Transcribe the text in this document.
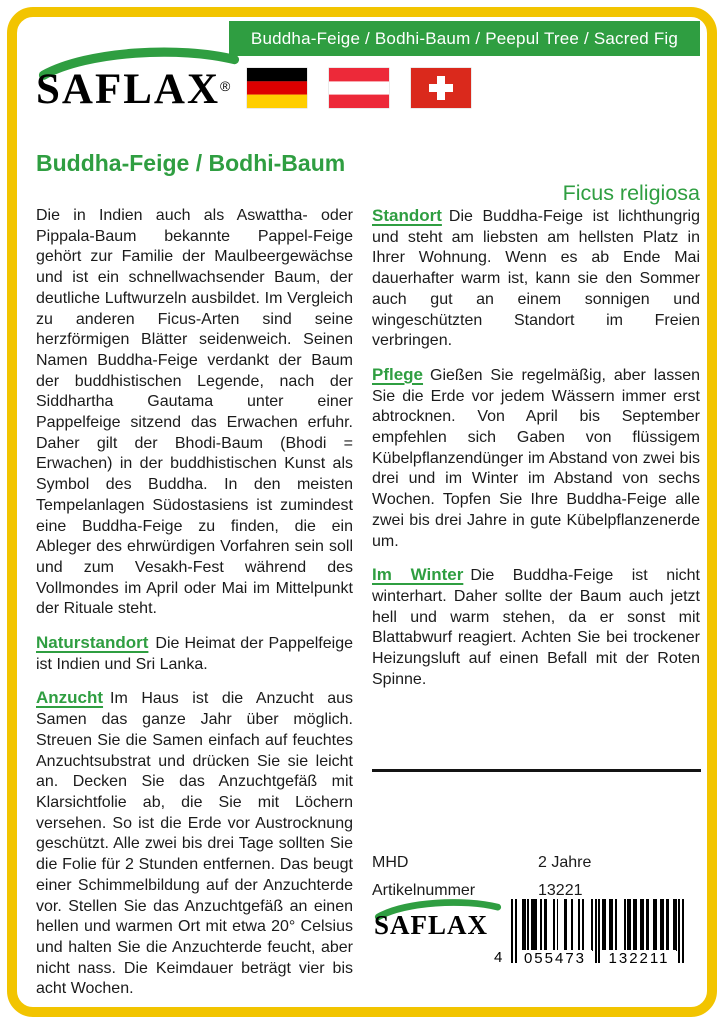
Buddha-Feige / Bodhi-Baum / Peepul Tree / Sacred Fig
SAFLAX®
Buddha-Feige / Bodhi-Baum
Ficus religiosa

Die in Indien auch als Aswattha- oder Pippala-Baum bekannte Pappel-Feige gehört zur Familie der Maulbeergewächse und ist ein schnellwachsender Baum, der deutliche Luftwurzeln ausbildet. Im Vergleich zu anderen Ficus-Arten sind seine herzförmigen Blätter seidenweich. Seinen Namen Buddha-Feige verdankt der Baum der buddhistischen Legende, nach der Siddhartha Gautama unter einer Pappelfeige sitzend das Erwachen erfuhr. Daher gilt der Bhodi-Baum (Bhodi = Erwachen) in der buddhistischen Kunst als Symbol des Buddha. In den meisten Tempelanlagen Südostasiens ist zumindest eine Buddha-Feige zu finden, die ein Ableger des ehrwürdigen Vorfahren sein soll und zum Vesakh-Fest während des Vollmondes im April oder Mai im Mittelpunkt der Rituale steht.

Naturstandort Die Heimat der Pappelfeige ist Indien und Sri Lanka.

Anzucht Im Haus ist die Anzucht aus Samen das ganze Jahr über möglich. Streuen Sie die Samen einfach auf feuchtes Anzuchtsubstrat und drücken Sie sie leicht an. Decken Sie das Anzuchtgefäß mit Klarsichtfolie ab, die Sie mit Löchern versehen. So ist die Erde vor Austrocknung geschützt. Alle zwei bis drei Tage sollten Sie die Folie für 2 Stunden entfernen. Das beugt einer Schimmelbildung auf der Anzuchterde vor. Stellen Sie das Anzuchtgefäß an einen hellen und warmen Ort mit etwa 20° Celsius und halten Sie die Anzuchterde feucht, aber nicht nass. Die Keimdauer beträgt vier bis acht Wochen.

Standort Die Buddha-Feige ist lichthungrig und steht am liebsten am hellsten Platz in Ihrer Wohnung. Wenn es ab Ende Mai dauerhafter warm ist, kann sie den Sommer auch gut an einem sonnigen und wingeschützten Standort im Freien verbringen.

Pflege Gießen Sie regelmäßig, aber lassen Sie die Erde vor jedem Wässern immer erst abtrocknen. Von April bis September empfehlen sich Gaben von flüssigem Kübelpflanzendünger im Abstand von zwei bis drei und im Winter im Abstand von sechs Wochen. Topfen Sie Ihre Buddha-Feige alle zwei bis drei Jahre in gute Kübelpflanzenerde um.

Im Winter Die Buddha-Feige ist nicht winterhart. Daher sollte der Baum auch jetzt hell und warm stehen, da er sonst mit Blattabwurf reagiert. Achten Sie bei trockener Heizungsluft auf einen Befall mit der Roten Spinne.

MHD	2 Jahre
Artikelnummer	13221
SAFLAX
4	055473	132211
